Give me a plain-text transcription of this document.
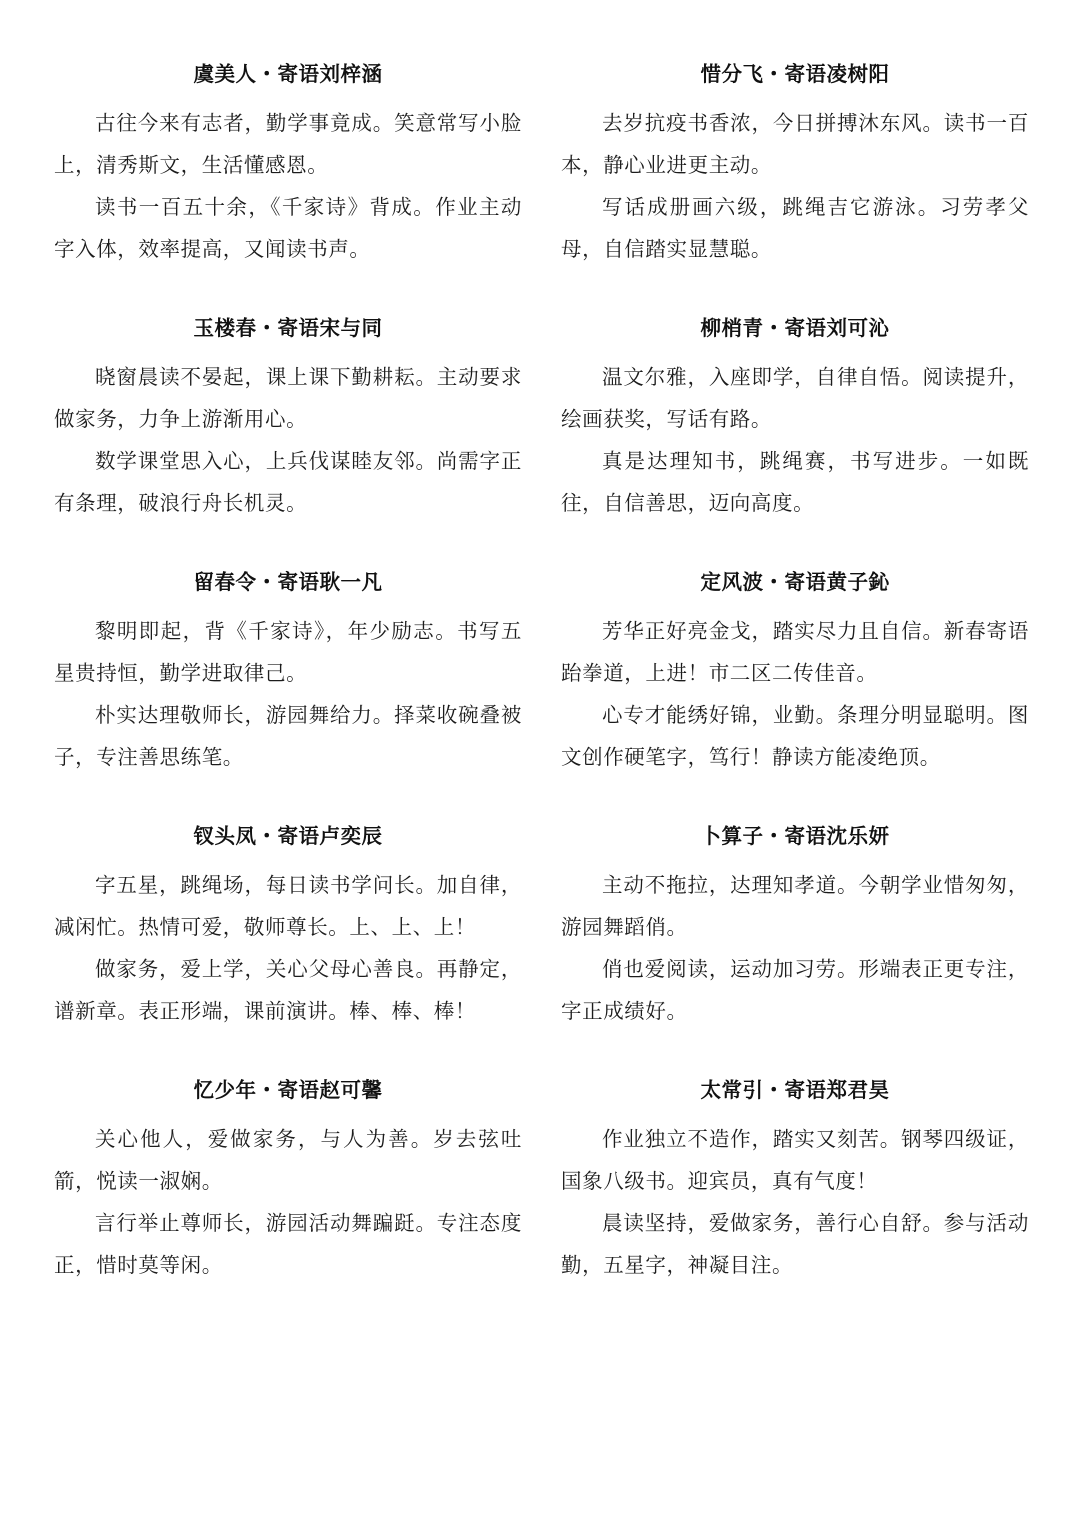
虞美人・寄语刘梓涵

古往今来有志者，勤学事竟成。笑意常写小脸上，清秀斯文，生活懂感恩。

读书一百五十余，《千家诗》背成。作业主动字入体，效率提高，又闻读书声。

惜分飞・寄语凌树阳

去岁抗疫书香浓，今日拼搏沐东风。读书一百本，静心业进更主动。

写话成册画六级，跳绳吉它游泳。习劳孝父母，自信踏实显慧聪。

玉楼春・寄语宋与同

晓窗晨读不晏起，课上课下勤耕耘。主动要求做家务，力争上游渐用心。

数学课堂思入心，上兵伐谋睦友邻。尚需字正有条理，破浪行舟长机灵。

柳梢青・寄语刘可沁

温文尔雅，入座即学，自律自悟。阅读提升，绘画获奖，写话有路。

真是达理知书，跳绳赛，书写进步。一如既往，自信善思，迈向高度。

留春令・寄语耿一凡

黎明即起，背《千家诗》，年少励志。书写五星贵持恒，勤学进取律己。

朴实达理敬师长，游园舞给力。择菜收碗叠被子，专注善思练笔。

定风波・寄语黄子鈊

芳华正好亮金戈，踏实尽力且自信。新春寄语跆拳道，上进！市二区二传佳音。

心专才能绣好锦，业勤。条理分明显聪明。图文创作硬笔字，笃行！静读方能凌绝顶。

钗头凤・寄语卢奕辰

字五星，跳绳场，每日读书学问长。加自律，减闲忙。热情可爱，敬师尊长。上、上、上！

做家务，爱上学，关心父母心善良。再静定，谱新章。表正形端，课前演讲。棒、棒、棒！

卜算子・寄语沈乐妍

主动不拖拉，达理知孝道。今朝学业惜匆匆，游园舞蹈俏。

俏也爱阅读，运动加习劳。形端表正更专注，字正成绩好。

忆少年・寄语赵可馨

关心他人，爱做家务，与人为善。岁去弦吐箭，悦读一淑娴。

言行举止尊师长，游园活动舞蹁跹。专注态度正，惜时莫等闲。

太常引・寄语郑君昊

作业独立不造作，踏实又刻苦。钢琴四级证，国象八级书。迎宾员，真有气度！

晨读坚持，爱做家务，善行心自舒。参与活动勤，五星字，神凝目注。
